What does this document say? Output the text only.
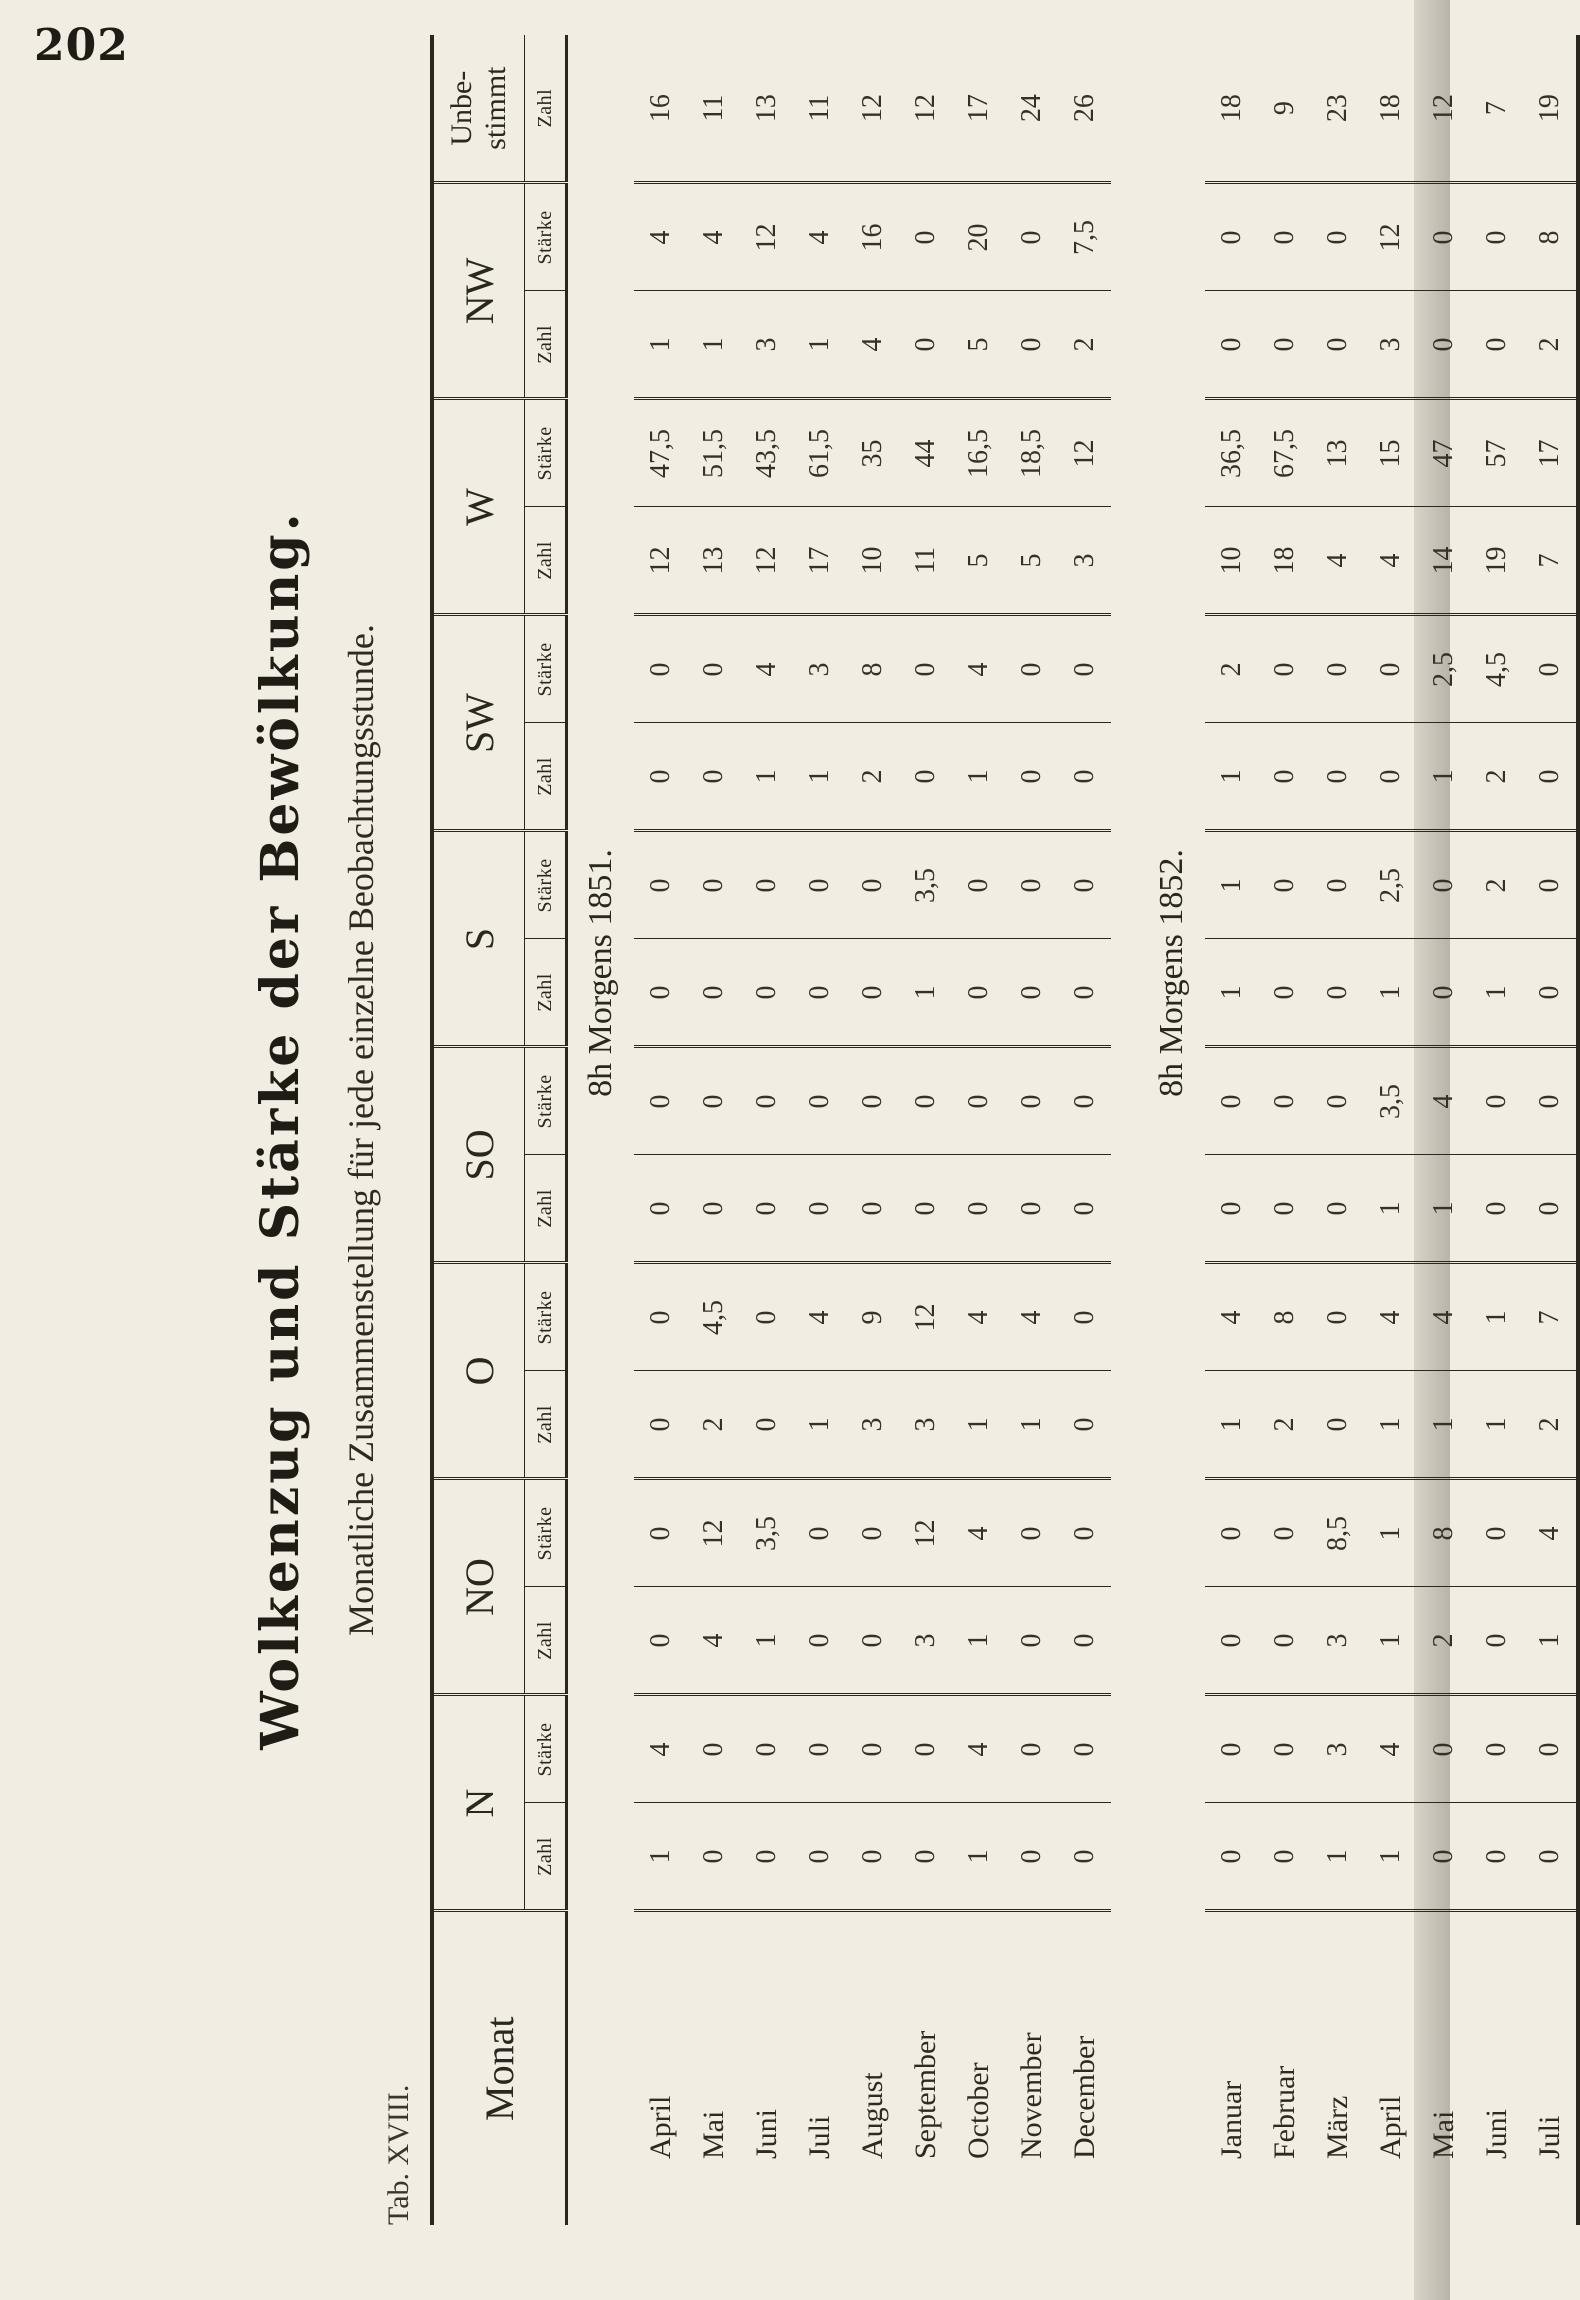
202
Wolkenzug und Stärke der Bewölkung. Monatliche Zusammenstellung für jede einzelne Beobachtungsstunde.
Tab. XVIII.
Monat	N		NO		O		SO		S		SW		W		NW		Unbe-
stimmt
	Zahl	Stärke	Zahl	Stärke	Zahl	Stärke	Zahl	Stärke	Zahl	Stärke	Zahl	Stärke	Zahl	Stärke	Zahl	Stärke	Zahl
	8h Morgens 1851.																
April	1	4	0	0	0	0	0	0	0	0	0	0	12	47,5	1	4	16
Mai	0	0	4	12	2	4,5	0	0	0	0	0	0	13	51,5	1	4	11
Juni	0	0	1	3,5	0	0	0	0	0	0	1	4	12	43,5	3	12	13
Juli	0	0	0	0	1	4	0	0	0	0	1	3	17	61,5	1	4	11
August	0	0	0	0	3	9	0	0	0	0	2	8	10	35	4	16	12
September	0	0	3	12	3	12	0	0	1	3,5	0	0	11	44	0	0	12
October	1	4	1	4	1	4	0	0	0	0	1	4	5	16,5	5	20	17
November	0	0	0	0	1	4	0	0	0	0	0	0	5	18,5	0	0	24
December	0	0	0	0	0	0	0	0	0	0	0	0	3	12	2	7,5	26

	8h Morgens 1852.																
Januar	0	0	0	0	1	4	0	0	1	1	1	2	10	36,5	0	0	18
Februar	0	0	0	0	2	8	0	0	0	0	0	0	18	67,5	0	0	9
März	1	3	3	8,5	0	0	0	0	0	0	0	0	4	13	0	0	23
April	1	4	1	1	1	4	1	3,5	1	2,5	0	0	4	15	3	12	18
Mai	0	0	2	8	1	4	1	4	0	0	1	2,5	14	47	0	0	12
Juni	0	0	0	0	1	1	0	0	1	2	2	4,5	19	57	0	0	7
Juli	0	0	1	4	2	7	0	0	0	0	0	0	7	17	2	8	19
